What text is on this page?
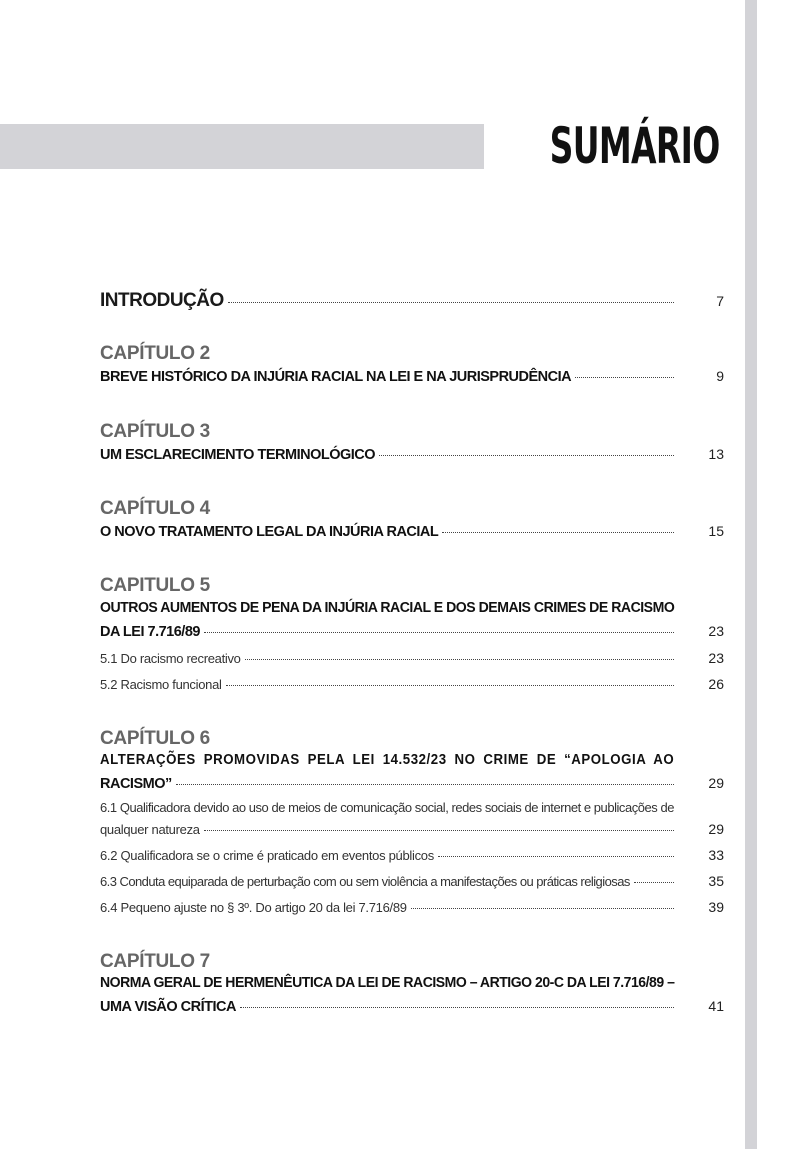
SUMÁRIO
INTRODUÇÃO	7
CAPÍTULO 2
BREVE HISTÓRICO DA INJÚRIA RACIAL NA LEI E NA JURISPRUDÊNCIA	9
CAPÍTULO 3
UM ESCLARECIMENTO TERMINOLÓGICO	13
CAPÍTULO 4
O NOVO TRATAMENTO LEGAL DA INJÚRIA RACIAL	15
CAPITULO 5
OUTROS AUMENTOS DE PENA DA INJÚRIA RACIAL E DOS DEMAIS CRIMES DE RACISMO
DA LEI 7.716/89	23
5.1 Do racismo recreativo	23
5.2 Racismo funcional	26
CAPÍTULO 6
ALTERAÇÕES PROMOVIDAS PELA LEI 14.532/23 NO CRIME DE “APOLOGIA AO
RACISMO”	29
6.1 Qualificadora devido ao uso de meios de comunicação social, redes sociais de internet e publicações de
qualquer natureza	29
6.2 Qualificadora se o crime é praticado em eventos públicos	33
6.3 Conduta equiparada de perturbação com ou sem violência a manifestações ou práticas religiosas	35
6.4 Pequeno ajuste no § 3º. Do artigo 20 da lei 7.716/89	39
CAPÍTULO 7
NORMA GERAL DE HERMENÊUTICA DA LEI DE RACISMO – ARTIGO 20-C DA LEI 7.716/89 –
UMA VISÃO CRÍTICA	41
